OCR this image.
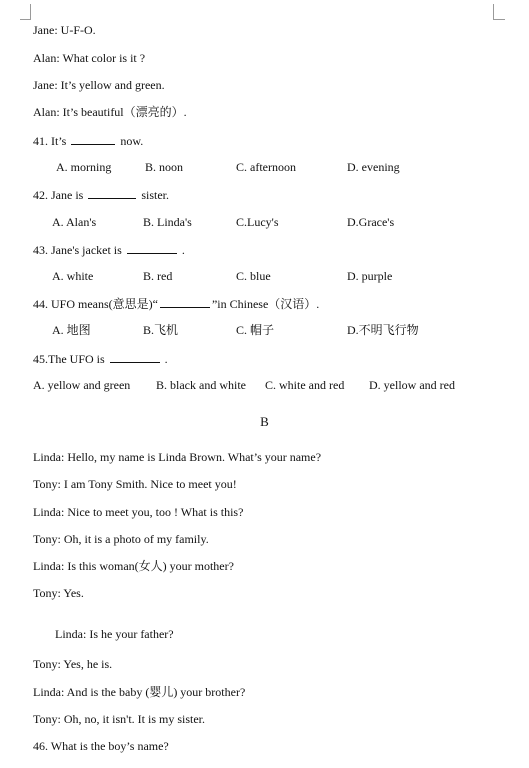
Jane: U-F-O.
Alan: What color is it ?
Jane: It’s yellow and green.
Alan: It’s beautiful（漂亮的）.
41. It’s	now.
A. morning	B. noon	C. afternoon	D. evening
42. Jane is	sister.
A. Alan's	B. Linda's	C.Lucy's	D.Grace's
43. Jane's jacket is	.
A. white	B. red	C. blue	D. purple
44. UFO means(意思是)“	”in Chinese（汉语）.
A. 地图	B.飞机	C. 帽子	D.不明飞行物
45.The UFO is	.
A. yellow and green B. black and white C. white and red D. yellow and red
B
Linda: Hello, my name is Linda Brown. What’s your name?
Tony: I am Tony Smith. Nice to meet you!
Linda: Nice to meet you, too ! What is this?
Tony: Oh, it is a photo of my family.
Linda: Is this woman(女人) your mother?
Tony: Yes.
Linda: Is he your father?
Tony: Yes, he is.
Linda: And is the baby (婴儿) your brother?
Tony: Oh, no, it isn't. It is my sister.
46. What is the boy’s name?
